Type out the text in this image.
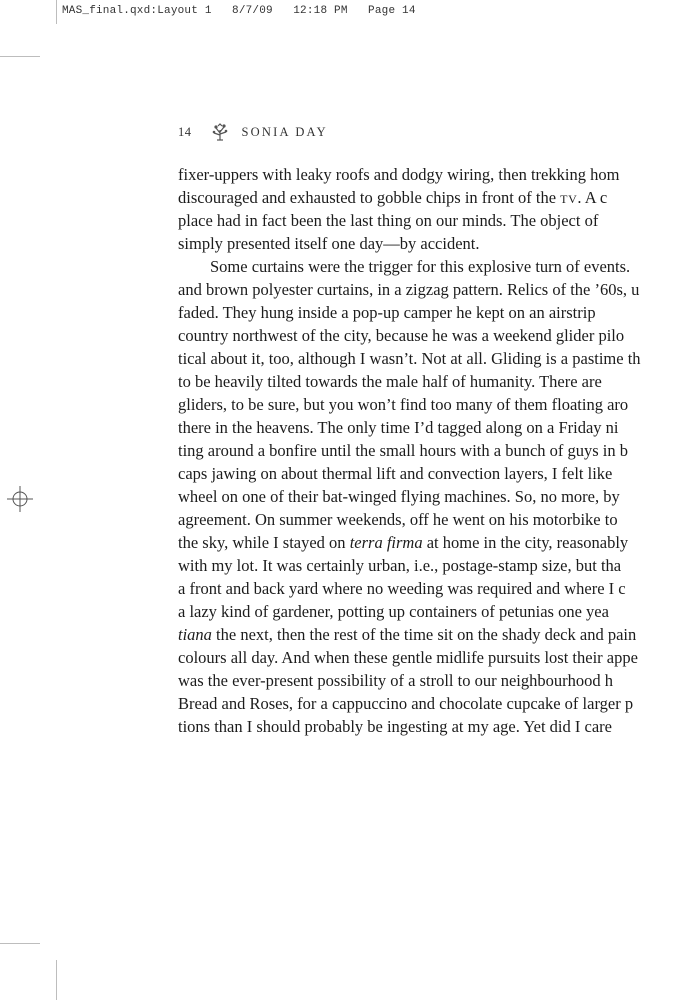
MAS_final.qxd:Layout 1   8/7/09   12:18 PM   Page 14
14	SONIA DAY
fixer-uppers with leaky roofs and dodgy wiring, then trekking hom
discouraged and exhausted to gobble chips in front of the tv. A c
place had in fact been the last thing on our minds. The object of
simply presented itself one day—by accident.
Some curtains were the trigger for this explosive turn of events.
and brown polyester curtains, in a zigzag pattern. Relics of the ’60s, u
faded. They hung inside a pop-up camper he kept on an airstrip
country northwest of the city, because he was a weekend glider pilo
tical about it, too, although I wasn’t. Not at all. Gliding is a pastime th
to be heavily tilted towards the male half of humanity. There are
gliders, to be sure, but you won’t find too many of them floating aro
there in the heavens. The only time I’d tagged along on a Friday ni
ting around a bonfire until the small hours with a bunch of guys in b
caps jawing on about thermal lift and convection layers, I felt like
wheel on one of their bat-winged flying machines. So, no more, by
agreement. On summer weekends, off he went on his motorbike to
the sky, while I stayed on terra firma at home in the city, reasonably
with my lot. It was certainly urban, i.e., postage-stamp size, but tha
a front and back yard where no weeding was required and where I c
a lazy kind of gardener, potting up containers of petunias one yea
tiana the next, then the rest of the time sit on the shady deck and pain
colours all day. And when these gentle midlife pursuits lost their appe
was the ever-present possibility of a stroll to our neighbourhood h
Bread and Roses, for a cappuccino and chocolate cupcake of larger p
tions than I should probably be ingesting at my age. Yet did I care
